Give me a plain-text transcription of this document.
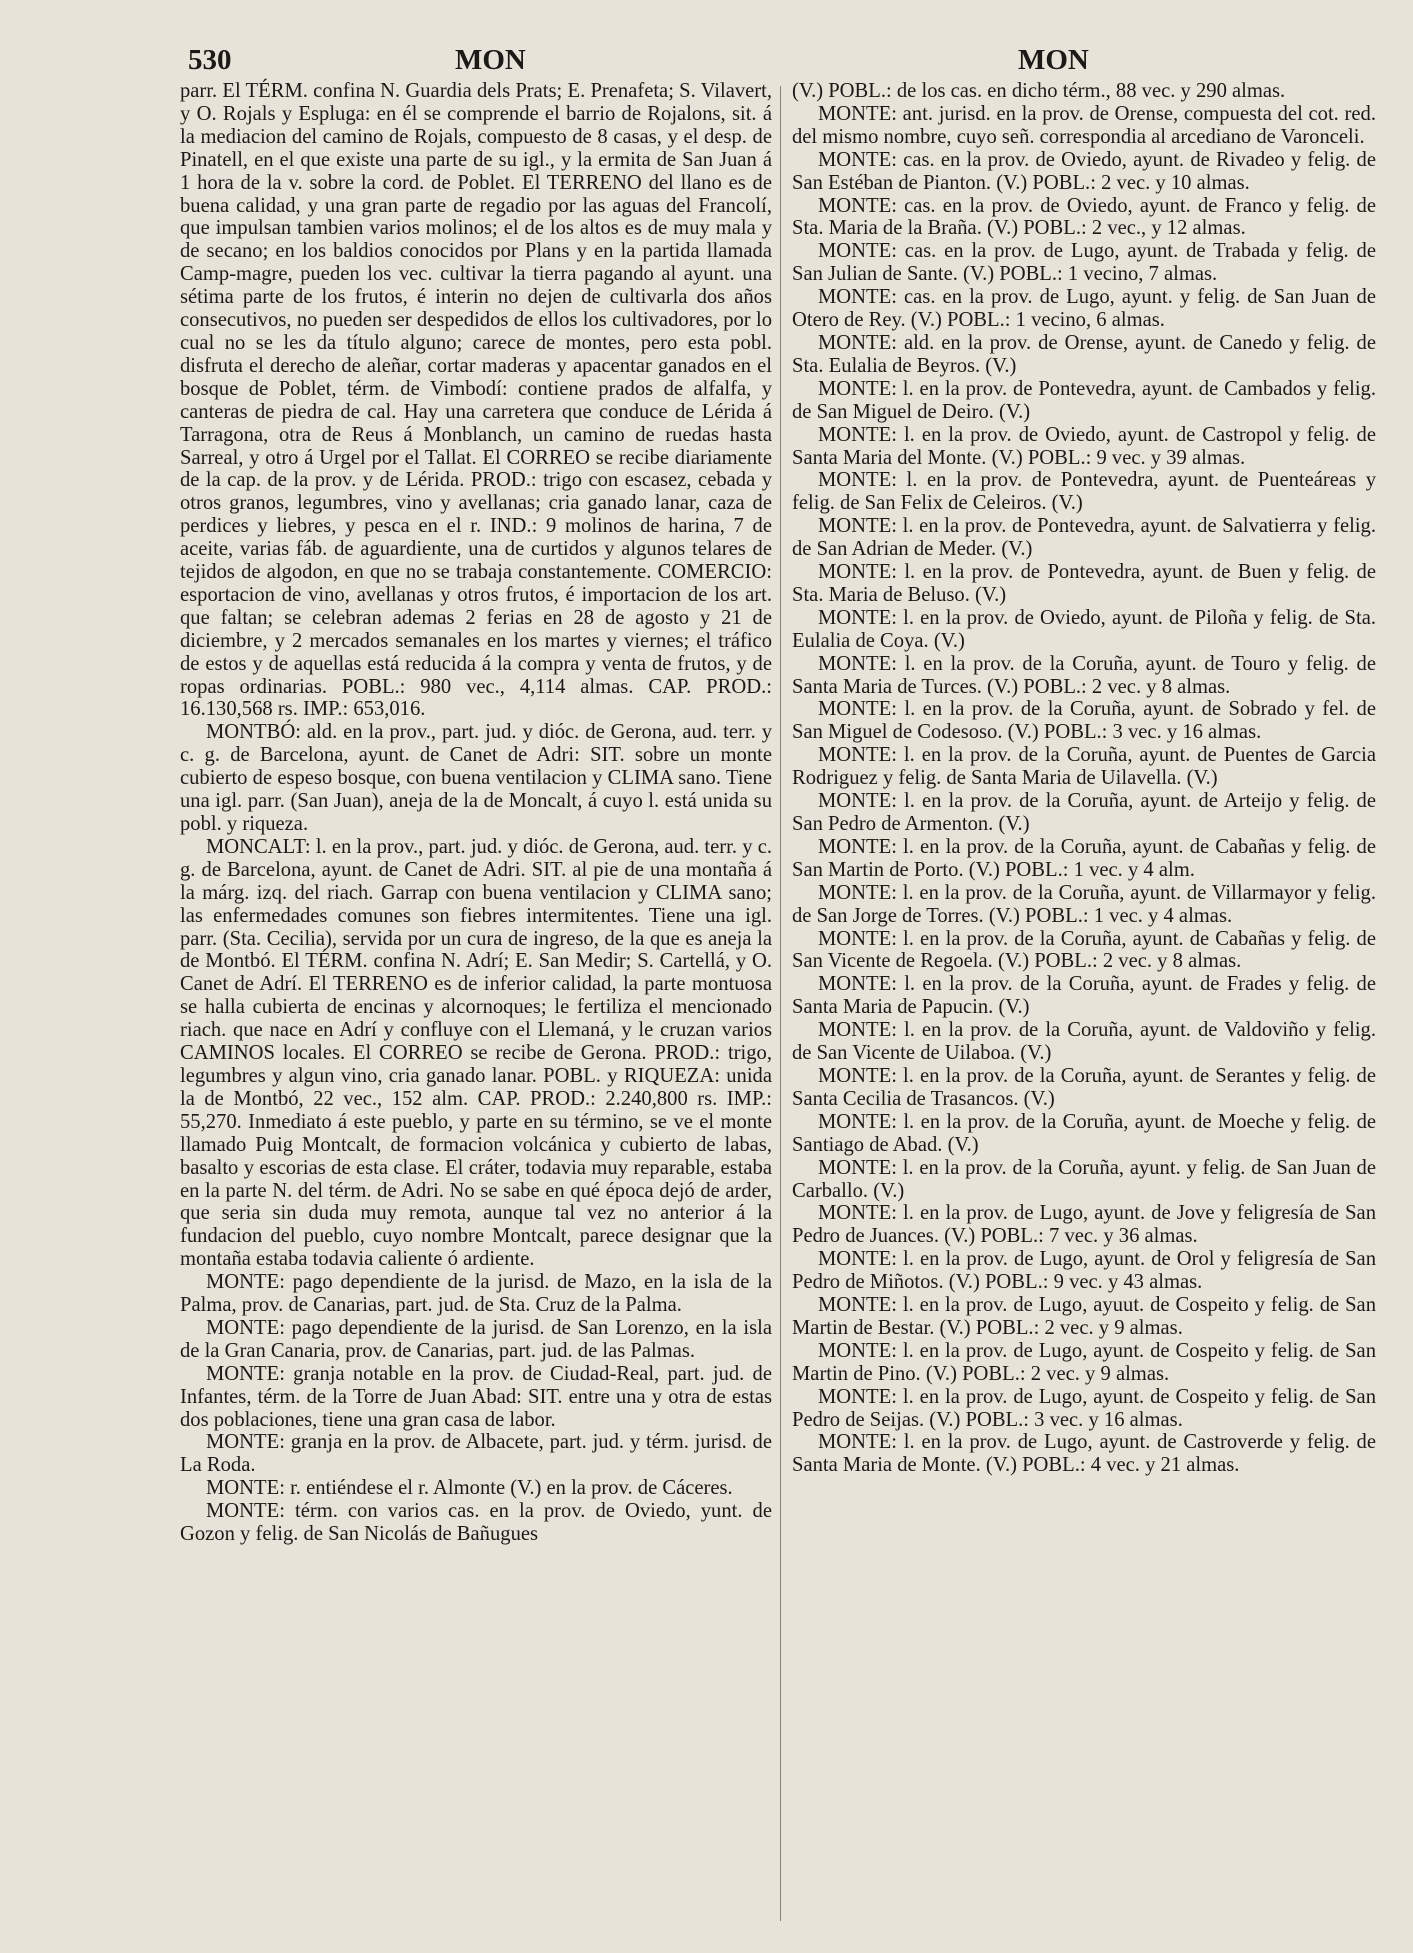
530	MON	MON

parr. El TÉRM. confina N. Guardia dels Prats; E. Prenafeta; S. Vilavert, y O. Rojals y Espluga: en él se comprende el barrio de Rojalons, sit. á la mediacion del camino de Rojals, compuesto de 8 casas, y el desp. de Pinatell, en el que existe una parte de su igl., y la ermita de San Juan á 1 hora de la v. sobre la cord. de Poblet. El TERRENO del llano es de buena calidad, y una gran parte de regadio por las aguas del Francolí, que impulsan tambien varios molinos; el de los altos es de muy mala y de secano; en los baldios conocidos por Plans y en la partida llamada Camp-magre, pueden los vec. cultivar la tierra pagando al ayunt. una sétima parte de los frutos, é interin no dejen de cultivarla dos años consecutivos, no pueden ser despedidos de ellos los cultivadores, por lo cual no se les da título alguno; carece de montes, pero esta pobl. disfruta el derecho de aleñar, cortar maderas y apacentar ganados en el bosque de Poblet, térm. de Vimbodí: contiene prados de alfalfa, y canteras de piedra de cal. Hay una carretera que conduce de Lérida á Tarragona, otra de Reus á Monblanch, un camino de ruedas hasta Sarreal, y otro á Urgel por el Tallat. El CORREO se recibe diariamente de la cap. de la prov. y de Lérida. PROD.: trigo con escasez, cebada y otros granos, legumbres, vino y avellanas; cria ganado lanar, caza de perdices y liebres, y pesca en el r. IND.: 9 molinos de harina, 7 de aceite, varias fáb. de aguardiente, una de curtidos y algunos telares de tejidos de algodon, en que no se trabaja constantemente. COMERCIO: esportacion de vino, avellanas y otros frutos, é importacion de los art. que faltan; se celebran ademas 2 ferias en 28 de agosto y 21 de diciembre, y 2 mercados semanales en los martes y viernes; el tráfico de estos y de aquellas está reducida á la compra y venta de frutos, y de ropas ordinarias. POBL.: 980 vec., 4,114 almas. CAP. PROD.: 16.130,568 rs. IMP.: 653,016.

MONTBÓ: ald. en la prov., part. jud. y dióc. de Gerona, aud. terr. y c. g. de Barcelona, ayunt. de Canet de Adri: SIT. sobre un monte cubierto de espeso bosque, con buena ventilacion y CLIMA sano. Tiene una igl. parr. (San Juan), aneja de la de Moncalt, á cuyo l. está unida su pobl. y riqueza.

MONCALT: l. en la prov., part. jud. y dióc. de Gerona, aud. terr. y c. g. de Barcelona, ayunt. de Canet de Adri. SIT. al pie de una montaña á la márg. izq. del riach. Garrap con buena ventilacion y CLIMA sano; las enfermedades comunes son fiebres intermitentes. Tiene una igl. parr. (Sta. Cecilia), servida por un cura de ingreso, de la que es aneja la de Montbó. El TÉRM. confina N. Adrí; E. San Medir; S. Cartellá, y O. Canet de Adrí. El TERRENO es de inferior calidad, la parte montuosa se halla cubierta de encinas y alcornoques; le fertiliza el mencionado riach. que nace en Adrí y confluye con el Llemaná, y le cruzan varios CAMINOS locales. El CORREO se recibe de Gerona. PROD.: trigo, legumbres y algun vino, cria ganado lanar. POBL. y RIQUEZA: unida la de Montbó, 22 vec., 152 alm. CAP. PROD.: 2.240,800 rs. IMP.: 55,270. Inmediato á este pueblo, y parte en su término, se ve el monte llamado Puig Montcalt, de formacion volcánica y cubierto de labas, basalto y escorias de esta clase. El cráter, todavia muy reparable, estaba en la parte N. del térm. de Adri. No se sabe en qué época dejó de arder, que seria sin duda muy remota, aunque tal vez no anterior á la fundacion del pueblo, cuyo nombre Montcalt, parece designar que la montaña estaba todavia caliente ó ardiente.

MONTE: pago dependiente de la jurisd. de Mazo, en la isla de la Palma, prov. de Canarias, part. jud. de Sta. Cruz de la Palma.

MONTE: pago dependiente de la jurisd. de San Lorenzo, en la isla de la Gran Canaria, prov. de Canarias, part. jud. de las Palmas.

MONTE: granja notable en la prov. de Ciudad-Real, part. jud. de Infantes, térm. de la Torre de Juan Abad: SIT. entre una y otra de estas dos poblaciones, tiene una gran casa de labor.

MONTE: granja en la prov. de Albacete, part. jud. y térm. jurisd. de La Roda.

MONTE: r. entiéndese el r. Almonte (V.) en la prov. de Cáceres.

MONTE: térm. con varios cas. en la prov. de Oviedo, yunt. de Gozon y felig. de San Nicolás de Bañugues

(V.) POBL.: de los cas. en dicho térm., 88 vec. y 290 almas.

MONTE: ant. jurisd. en la prov. de Orense, compuesta del cot. red. del mismo nombre, cuyo señ. correspondia al arcediano de Varonceli.

MONTE: cas. en la prov. de Oviedo, ayunt. de Rivadeo y felig. de San Estéban de Pianton. (V.) POBL.: 2 vec. y 10 almas.

MONTE: cas. en la prov. de Oviedo, ayunt. de Franco y felig. de Sta. Maria de la Braña. (V.) POBL.: 2 vec., y 12 almas.

MONTE: cas. en la prov. de Lugo, ayunt. de Trabada y felig. de San Julian de Sante. (V.) POBL.: 1 vecino, 7 almas.

MONTE: cas. en la prov. de Lugo, ayunt. y felig. de San Juan de Otero de Rey. (V.) POBL.: 1 vecino, 6 almas.

MONTE: ald. en la prov. de Orense, ayunt. de Canedo y felig. de Sta. Eulalia de Beyros. (V.)

MONTE: l. en la prov. de Pontevedra, ayunt. de Cambados y felig. de San Miguel de Deiro. (V.)

MONTE: l. en la prov. de Oviedo, ayunt. de Castropol y felig. de Santa Maria del Monte. (V.) POBL.: 9 vec. y 39 almas.

MONTE: l. en la prov. de Pontevedra, ayunt. de Puenteáreas y felig. de San Felix de Celeiros. (V.)

MONTE: l. en la prov. de Pontevedra, ayunt. de Salvatierra y felig. de San Adrian de Meder. (V.)

MONTE: l. en la prov. de Pontevedra, ayunt. de Buen y felig. de Sta. Maria de Beluso. (V.)

MONTE: l. en la prov. de Oviedo, ayunt. de Piloña y felig. de Sta. Eulalia de Coya. (V.)

MONTE: l. en la prov. de la Coruña, ayunt. de Touro y felig. de Santa Maria de Turces. (V.) POBL.: 2 vec. y 8 almas.

MONTE: l. en la prov. de la Coruña, ayunt. de Sobrado y fel. de San Miguel de Codesoso. (V.) POBL.: 3 vec. y 16 almas.

MONTE: l. en la prov. de la Coruña, ayunt. de Puentes de Garcia Rodriguez y felig. de Santa Maria de Uilavella. (V.)

MONTE: l. en la prov. de la Coruña, ayunt. de Arteijo y felig. de San Pedro de Armenton. (V.)

MONTE: l. en la prov. de la Coruña, ayunt. de Cabañas y felig. de San Martin de Porto. (V.) POBL.: 1 vec. y 4 alm.

MONTE: l. en la prov. de la Coruña, ayunt. de Villarmayor y felig. de San Jorge de Torres. (V.) POBL.: 1 vec. y 4 almas.

MONTE: l. en la prov. de la Coruña, ayunt. de Cabañas y felig. de San Vicente de Regoela. (V.) POBL.: 2 vec. y 8 almas.

MONTE: l. en la prov. de la Coruña, ayunt. de Frades y felig. de Santa Maria de Papucin. (V.)

MONTE: l. en la prov. de la Coruña, ayunt. de Valdoviño y felig. de San Vicente de Uilaboa. (V.)

MONTE: l. en la prov. de la Coruña, ayunt. de Serantes y felig. de Santa Cecilia de Trasancos. (V.)

MONTE: l. en la prov. de la Coruña, ayunt. de Moeche y felig. de Santiago de Abad. (V.)

MONTE: l. en la prov. de la Coruña, ayunt. y felig. de San Juan de Carballo. (V.)

MONTE: l. en la prov. de Lugo, ayunt. de Jove y feligresía de San Pedro de Juances. (V.) POBL.: 7 vec. y 36 almas.

MONTE: l. en la prov. de Lugo, ayunt. de Orol y feligresía de San Pedro de Miñotos. (V.) POBL.: 9 vec. y 43 almas.

MONTE: l. en la prov. de Lugo, ayuut. de Cospeito y felig. de San Martin de Bestar. (V.) POBL.: 2 vec. y 9 almas.

MONTE: l. en la prov. de Lugo, ayunt. de Cospeito y felig. de San Martin de Pino. (V.) POBL.: 2 vec. y 9 almas.

MONTE: l. en la prov. de Lugo, ayunt. de Cospeito y felig. de San Pedro de Seijas. (V.) POBL.: 3 vec. y 16 almas.

MONTE: l. en la prov. de Lugo, ayunt. de Castroverde y felig. de Santa Maria de Monte. (V.) POBL.: 4 vec. y 21 almas.
